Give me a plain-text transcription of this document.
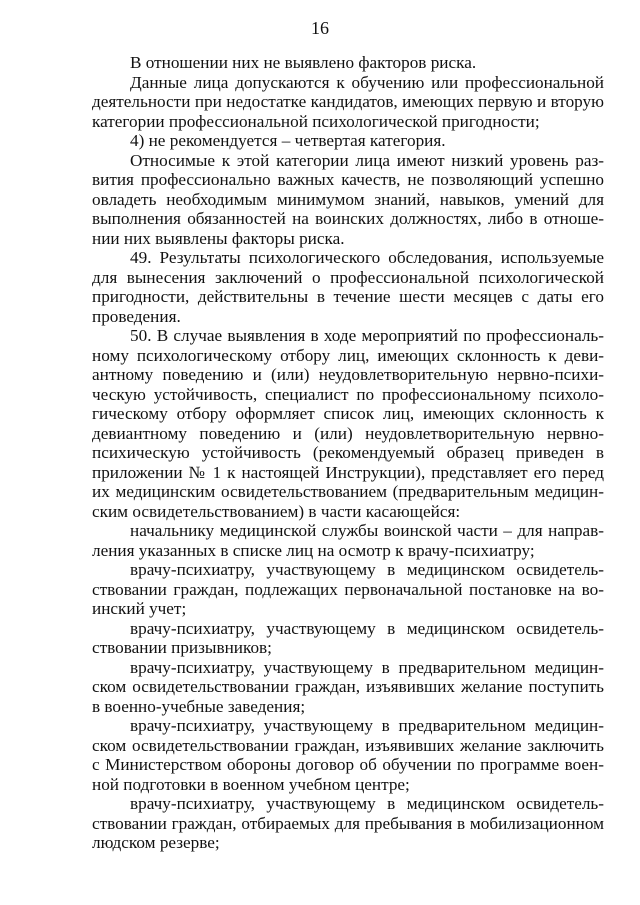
16

В отношении них не выявлено факторов риска.

Данные лица допускаются к обучению или профессиональной деятельности при недостатке кандидатов, имеющих первую и вторую категории профессиональной психологической пригодности;

4) не рекомендуется – четвертая категория.

Относимые к этой категории лица имеют низкий уровень развития профессионально важных качеств, не позволяющий успешно овладеть необходимым минимумом знаний, навыков, умений для выполнения обязанностей на воинских должностях, либо в отношении них выявлены факторы риска.

49. Результаты психологического обследования, используемые для вынесения заключений о профессиональной психологической пригодности, действительны в течение шести месяцев с даты его проведения.

50. В случае выявления в ходе мероприятий по профессиональному психологическому отбору лиц, имеющих склонность к девиантному поведению и (или) неудовлетворительную нервно-психическую устойчивость, специалист по профессиональному психологическому отбору оформляет список лиц, имеющих склонность к девиантному поведению и (или) неудовлетворительную нервно-психическую устойчивость (рекомендуемый образец приведен в приложении № 1 к настоящей Инструкции), представляет его перед их медицинским освидетельствованием (предварительным медицинским освидетельствованием) в части касающейся:

начальнику медицинской службы воинской части – для направления указанных в списке лиц на осмотр к врачу-психиатру;

врачу-психиатру, участвующему в медицинском освидетельствовании граждан, подлежащих первоначальной постановке на воинский учет;

врачу-психиатру, участвующему в медицинском освидетельствовании призывников;

врачу-психиатру, участвующему в предварительном медицинском освидетельствовании граждан, изъявивших желание поступить в военно-учебные заведения;

врачу-психиатру, участвующему в предварительном медицинском освидетельствовании граждан, изъявивших желание заключить с Министерством обороны договор об обучении по программе военной подготовки в военном учебном центре;

врачу-психиатру, участвующему в медицинском освидетельствовании граждан, отбираемых для пребывания в мобилизационном людском резерве;
